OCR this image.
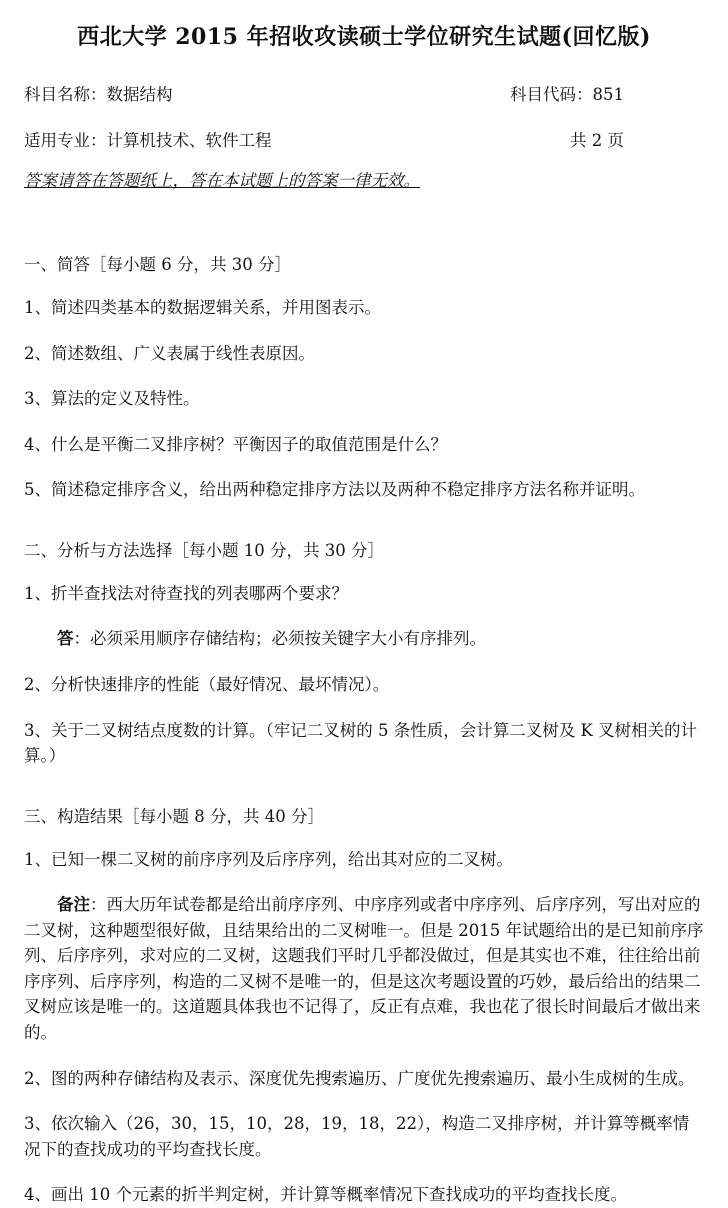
西北大学 2015 年招收攻读硕士学位研究生试题(回忆版)
科目名称：数据结构	科目代码：851
适用专业：计算机技术、软件工程	共 2 页
答案请答在答题纸上，答在本试题上的答案一律无效。
一、简答［每小题 6 分，共 30 分］
1、简述四类基本的数据逻辑关系，并用图表示。
2、简述数组、广义表属于线性表原因。
3、算法的定义及特性。
4、什么是平衡二叉排序树？平衡因子的取值范围是什么？
5、简述稳定排序含义，给出两种稳定排序方法以及两种不稳定排序方法名称并证明。
二、分析与方法选择［每小题 10 分，共 30 分］
1、折半查找法对待查找的列表哪两个要求？
答：必须采用顺序存储结构；必须按关键字大小有序排列。
2、分析快速排序的性能（最好情况、最坏情况）。
3、关于二叉树结点度数的计算。（牢记二叉树的 5 条性质，会计算二叉树及 K 叉树相关的计算。）
三、构造结果［每小题 8 分，共 40 分］
1、已知一棵二叉树的前序序列及后序序列，给出其对应的二叉树。
备注：西大历年试卷都是给出前序序列、中序序列或者中序序列、后序序列，写出对应的二叉树，这种题型很好做，且结果给出的二叉树唯一。但是 2015 年试题给出的是已知前序序列、后序序列，求对应的二叉树，这题我们平时几乎都没做过，但是其实也不难，往往给出前序序列、后序序列，构造的二叉树不是唯一的，但是这次考题设置的巧妙，最后给出的结果二叉树应该是唯一的。这道题具体我也不记得了，反正有点难，我也花了很长时间最后才做出来的。
2、图的两种存储结构及表示、深度优先搜索遍历、广度优先搜索遍历、最小生成树的生成。
3、依次输入（26，30，15，10，28，19，18，22），构造二叉排序树，并计算等概率情况下的查找成功的平均查找长度。
4、画出 10 个元素的折半判定树，并计算等概率情况下查找成功的平均查找长度。
